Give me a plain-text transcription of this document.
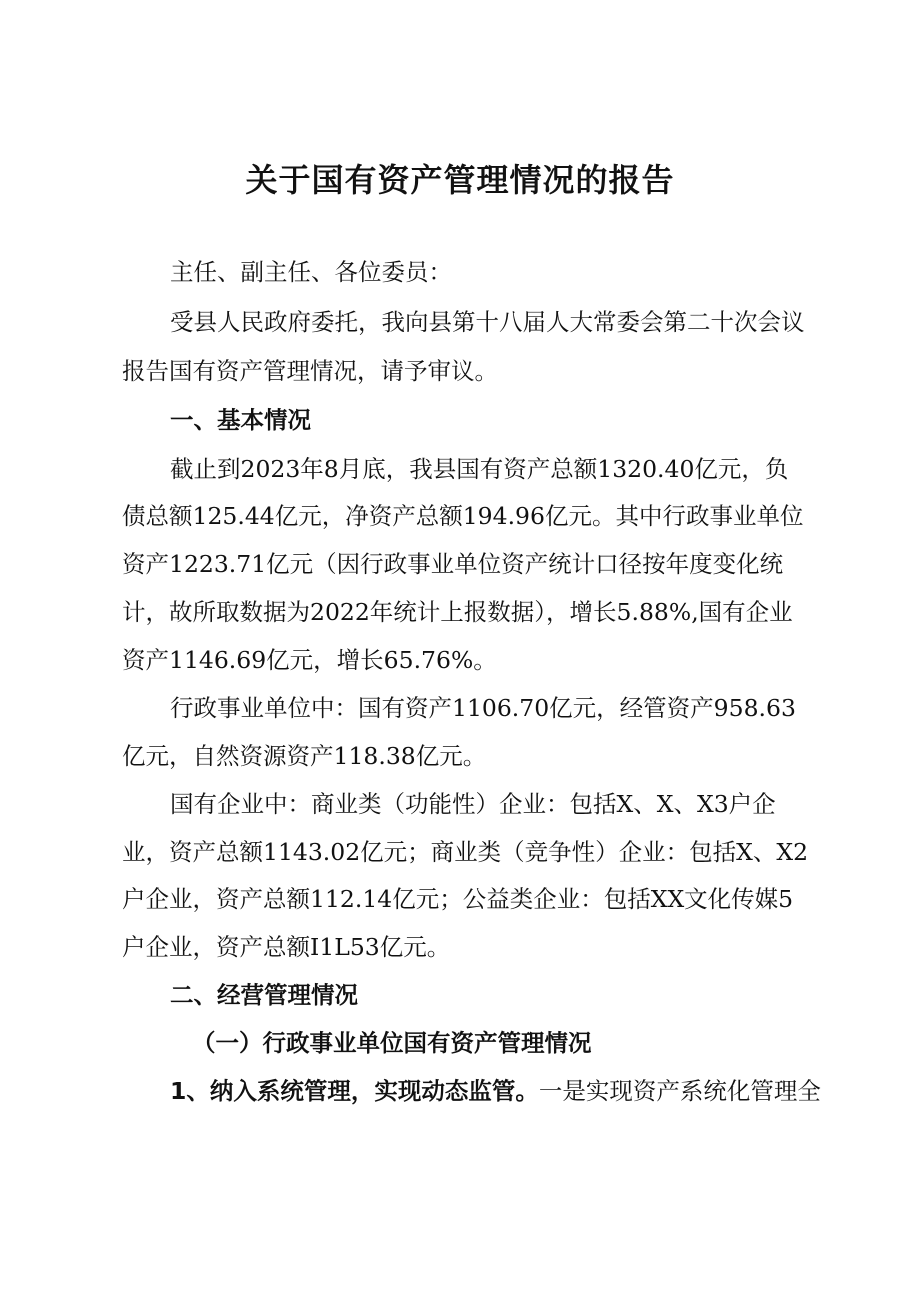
关于国有资产管理情况的报告
主任、副主任、各位委员：
受县人民政府委托，我向县第十八届人大常委会第二十次会议
报告国有资产管理情况，请予审议。
一、基本情况
截止到2023年8月底，我县国有资产总额1320.40亿元，负
债总额125.44亿元，净资产总额194.96亿元。其中行政事业单位
资产1223.71亿元（因行政事业单位资产统计口径按年度变化统
计，故所取数据为2022年统计上报数据），增长5.88%,国有企业
资产1146.69亿元，增长65.76%。
行政事业单位中：国有资产1106.70亿元，经管资产958.63
亿元，自然资源资产118.38亿元。
国有企业中：商业类（功能性）企业：包括X、X、X3户企
业，资产总额1143.02亿元；商业类（竞争性）企业：包括X、X2
户企业，资产总额112.14亿元；公益类企业：包括XX文化传媒5
户企业，资产总额I1L53亿元。
二、经营管理情况
（一）行政事业单位国有资产管理情况
1、纳入系统管理，实现动态监管。一是实现资产系统化管理全
